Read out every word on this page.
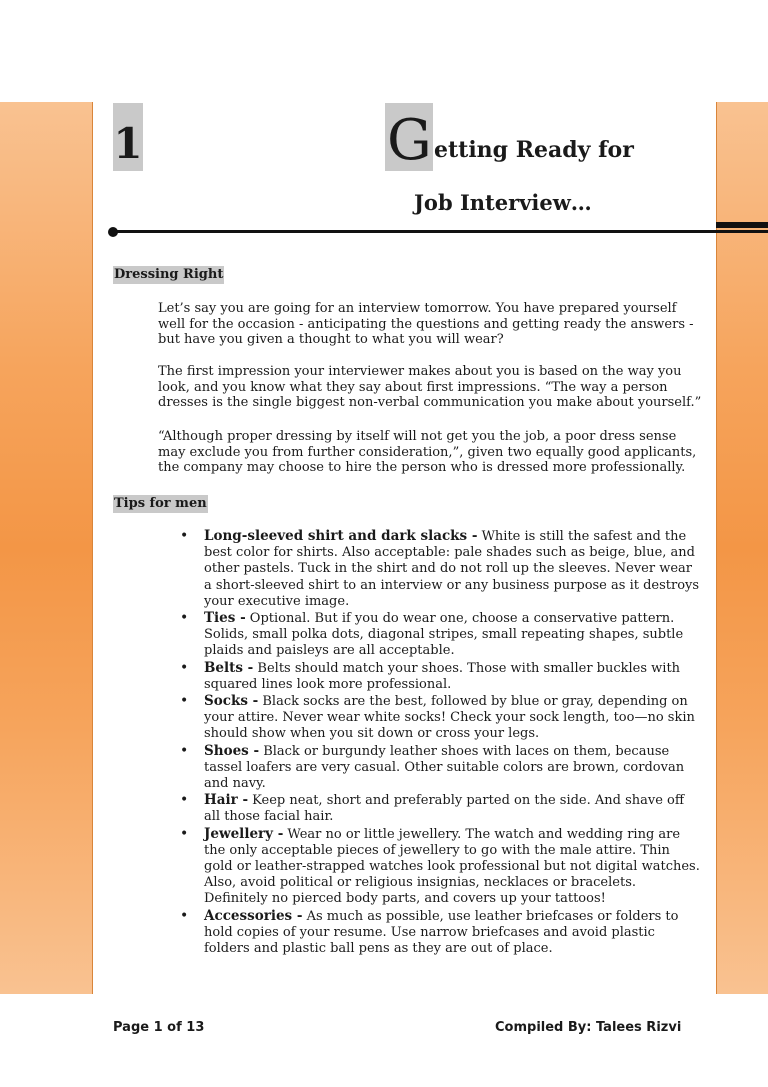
1	G etting Ready for
Job Interview…
Dressing Right

Let’s say you are going for an interview tomorrow. You have prepared yourself well for the occasion - anticipating the questions and getting ready the answers - but have you given a thought to what you will wear?

The first impression your interviewer makes about you is based on the way you look, and you know what they say about first impressions. “The way a person dresses is the single biggest non-verbal communication you make about yourself.”

“Although proper dressing by itself will not get you the job, a poor dress sense may exclude you from further consideration,”, given two equally good applicants, the company may choose to hire the person who is dressed more professionally.

Tips for men
• Long-sleeved shirt and dark slacks - White is still the safest and the best color for shirts. Also acceptable: pale shades such as beige, blue, and other pastels. Tuck in the shirt and do not roll up the sleeves. Never wear a short-sleeved shirt to an interview or any business purpose as it destroys your executive image.
• Ties - Optional. But if you do wear one, choose a conservative pattern. Solids, small polka dots, diagonal stripes, small repeating shapes, subtle plaids and paisleys are all acceptable.
• Belts - Belts should match your shoes. Those with smaller buckles with squared lines look more professional.
• Socks - Black socks are the best, followed by blue or gray, depending on your attire. Never wear white socks! Check your sock length, too—no skin should show when you sit down or cross your legs.
• Shoes - Black or burgundy leather shoes with laces on them, because tassel loafers are very casual. Other suitable colors are brown, cordovan and navy.
• Hair - Keep neat, short and preferably parted on the side. And shave off all those facial hair.
• Jewellery - Wear no or little jewellery. The watch and wedding ring are the only acceptable pieces of jewellery to go with the male attire. Thin gold or leather-strapped watches look professional but not digital watches. Also, avoid political or religious insignias, necklaces or bracelets. Definitely no pierced body parts, and covers up your tattoos!
• Accessories - As much as possible, use leather briefcases or folders to hold copies of your resume. Use narrow briefcases and avoid plastic folders and plastic ball pens as they are out of place.
Page 1 of 13	Compiled By: Talees Rizvi
